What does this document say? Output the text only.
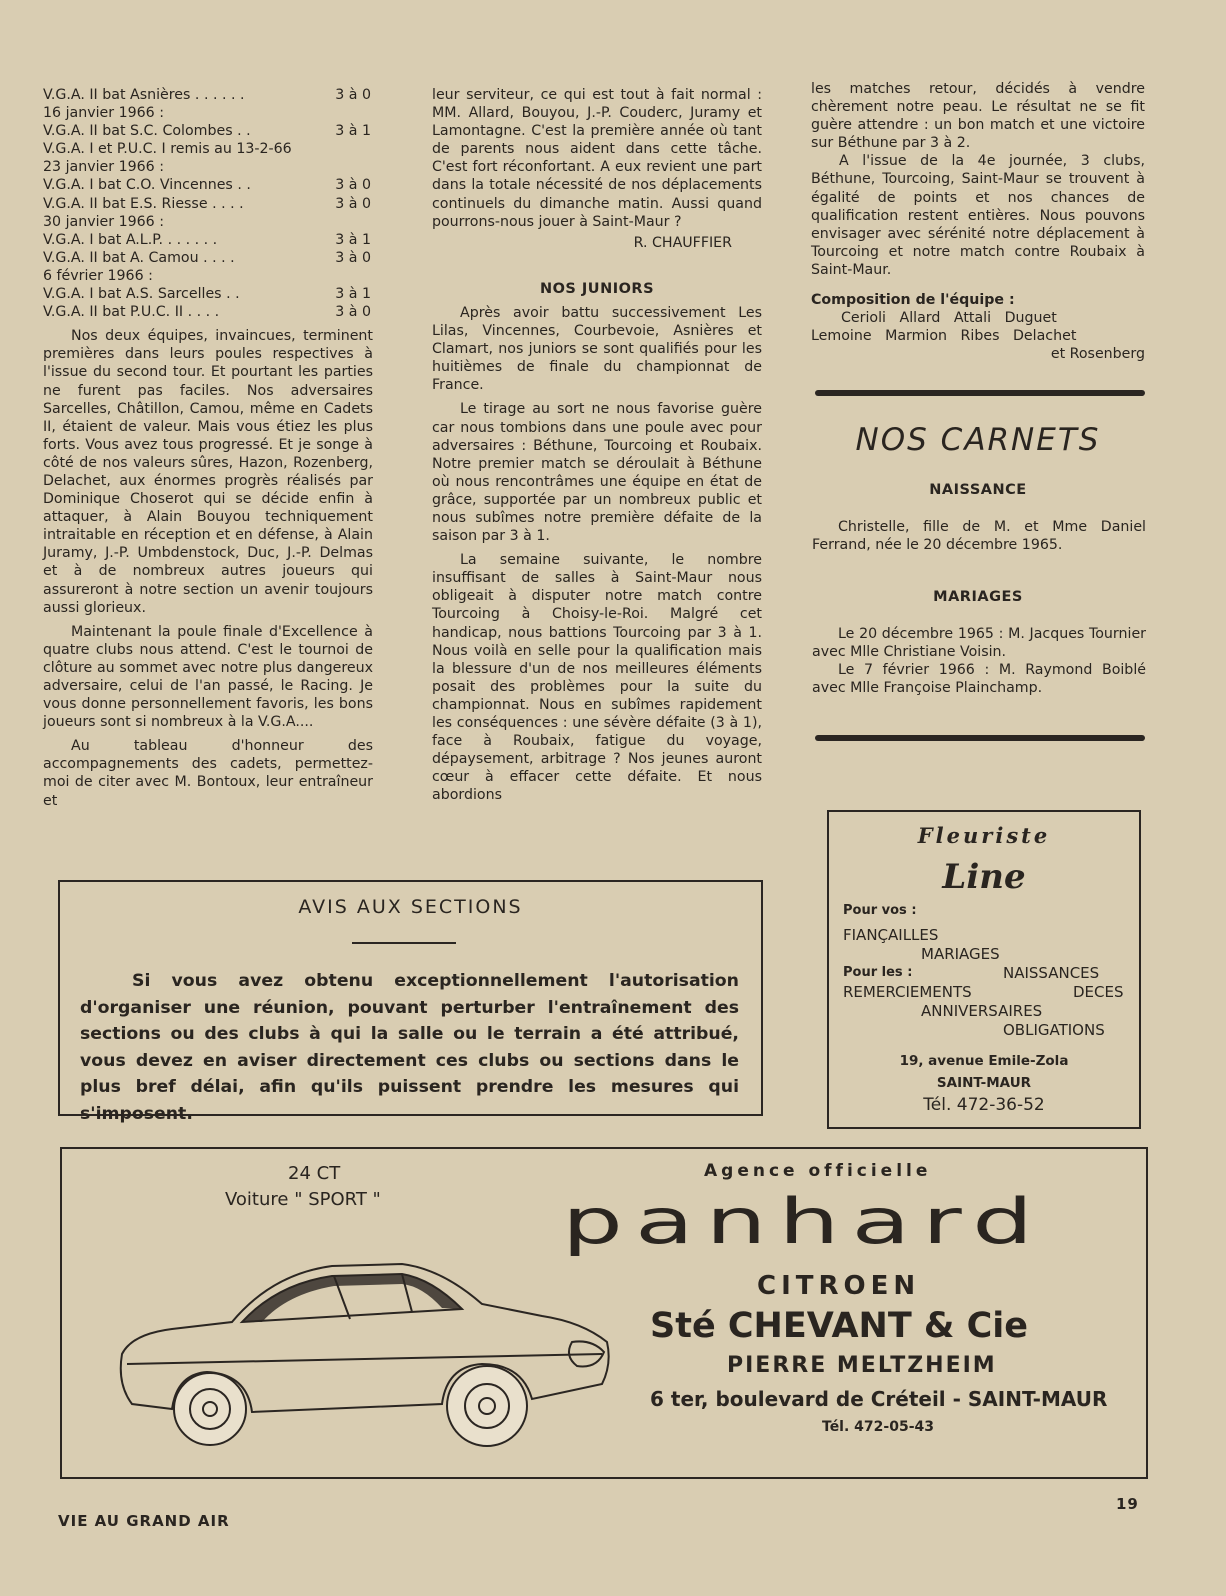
V.G.A. II bat Asnières . . . . . .	3 à 0
16 janvier 1966 :
V.G.A. II bat S.C. Colombes . .	3 à 1
V.G.A. I et P.U.C. I remis au 13-2-66
23 janvier 1966 :
V.G.A. I bat C.O. Vincennes . .	3 à 0
V.G.A. II bat E.S. Riesse . . . .	3 à 0
30 janvier 1966 :
V.G.A. I bat A.L.P. . . . . . .	3 à 1
V.G.A. II bat A. Camou . . . .	3 à 0
6 février 1966 :
V.G.A. I bat A.S. Sarcelles . .	3 à 1
V.G.A. II bat P.U.C. II . . . .	3 à 0

Nos deux équipes, invaincues, terminent premières dans leurs poules respectives à l'issue du second tour. Et pourtant les parties ne furent pas faciles. Nos adversaires Sarcelles, Châtillon, Camou, même en Cadets II, étaient de valeur. Mais vous étiez les plus forts. Vous avez tous progressé. Et je songe à côté de nos valeurs sûres, Hazon, Rozenberg, Delachet, aux énormes progrès réalisés par Dominique Choserot qui se décide enfin à attaquer, à Alain Bouyou techniquement intraitable en réception et en défense, à Alain Juramy, J.-P. Umbdenstock, Duc, J.-P. Delmas et à de nombreux autres joueurs qui assureront à notre section un avenir toujours aussi glorieux.

Maintenant la poule finale d'Excellence à quatre clubs nous attend. C'est le tournoi de clôture au sommet avec notre plus dangereux adversaire, celui de l'an passé, le Racing. Je vous donne personnellement favoris, les bons joueurs sont si nombreux à la V.G.A....

Au tableau d'honneur des accompagnements des cadets, permettez-moi de citer avec M. Bontoux, leur entraîneur et

leur serviteur, ce qui est tout à fait normal : MM. Allard, Bouyou, J.-P. Couderc, Juramy et Lamontagne. C'est la première année où tant de parents nous aident dans cette tâche. C'est fort réconfortant. A eux revient une part dans la totale nécessité de nos déplacements continuels du dimanche matin. Aussi quand pourrons-nous jouer à Saint-Maur ?

R. CHAUFFIER
NOS JUNIORS

Après avoir battu successivement Les Lilas, Vincennes, Courbevoie, Asnières et Clamart, nos juniors se sont qualifiés pour les huitièmes de finale du championnat de France.

Le tirage au sort ne nous favorise guère car nous tombions dans une poule avec pour adversaires : Béthune, Tourcoing et Roubaix. Notre premier match se déroulait à Béthune où nous rencontrâmes une équipe en état de grâce, supportée par un nombreux public et nous subîmes notre première défaite de la saison par 3 à 1.

La semaine suivante, le nombre insuffisant de salles à Saint-Maur nous obligeait à disputer notre match contre Tourcoing à Choisy-le-Roi. Malgré cet handicap, nous battions Tourcoing par 3 à 1. Nous voilà en selle pour la qualification mais la blessure d'un de nos meilleures éléments posait des problèmes pour la suite du championnat. Nous en subîmes rapidement les conséquences : une sévère défaite (3 à 1), face à Roubaix, fatigue du voyage, dépaysement, arbitrage ? Nos jeunes auront cœur à effacer cette défaite. Et nous abordions

les matches retour, décidés à vendre chèrement notre peau. Le résultat ne se fit guère attendre : un bon match et une victoire sur Béthune par 3 à 2.

A l'issue de la 4e journée, 3 clubs, Béthune, Tourcoing, Saint-Maur se trouvent à égalité de points et nos chances de qualification restent entières. Nous pouvons envisager avec sérénité notre déplacement à Tourcoing et notre match contre Roubaix à Saint-Maur.

Composition de l'équipe :
Cerioli   Allard   Attali   Duguet
Lemoine   Marmion   Ribes   Delachet
et Rosenberg
NOS CARNETS
NAISSANCE

Christelle, fille de M. et Mme Daniel Ferrand, née le 20 décembre 1965.

MARIAGES

Le 20 décembre 1965 : M. Jacques Tournier avec Mlle Christiane Voisin.

Le 7 février 1966 : M. Raymond Boiblé avec Mlle Françoise Plainchamp.

AVIS AUX SECTIONS
Si vous avez obtenu exceptionnellement l'autorisation d'organiser une réunion, pouvant perturber l'entraînement des sections ou des clubs à qui la salle ou le terrain a été attribué, vous devez en aviser directement ces clubs ou sections dans le plus bref délai, afin qu'ils puissent prendre les mesures qui s'imposent.
Fleuriste
Line
Pour vos :
FIANÇAILLES
MARIAGES
Pour les :	NAISSANCES
REMERCIEMENTS	DECES
ANNIVERSAIRES
OBLIGATIONS
19, avenue Emile-Zola
SAINT-MAUR
Tél. 472-36-52
24 CT
Voiture " SPORT "
Agence officielle
panhard
CITROEN
Sté CHEVANT & Cie
PIERRE MELTZHEIM
6 ter, boulevard de Créteil - SAINT-MAUR
Tél. 472-05-43
VIE AU GRAND AIR
19
